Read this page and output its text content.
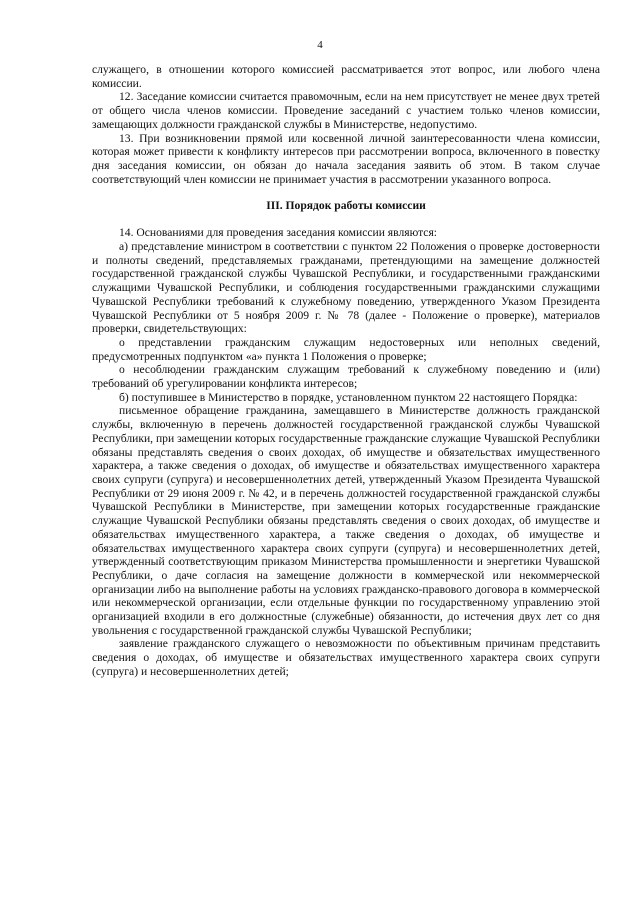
4

служащего, в отношении которого комиссией рассматривается этот вопрос, или любого члена комиссии.

12. Заседание комиссии считается правомочным, если на нем присутствует не менее двух третей от общего числа членов комиссии. Проведение заседаний с участием только членов комиссии, замещающих должности гражданской службы в Министерстве, недопустимо.

13. При возникновении прямой или косвенной личной заинтересованности члена комиссии, которая может привести к конфликту интересов при рассмотрении вопроса, включенного в повестку дня заседания комиссии, он обязан до начала заседания заявить об этом. В таком случае соответствующий член комиссии не принимает участия в рассмотрении указанного вопроса.

III. Порядок работы комиссии

14. Основаниями для проведения заседания комиссии являются:

а) представление министром в соответствии с пунктом 22 Положения о проверке достоверности и полноты сведений, представляемых гражданами, претендующими на замещение должностей государственной гражданской службы Чувашской Республики, и государственными гражданскими служащими Чувашской Республики, и соблюдения государственными гражданскими служащими Чувашской Республики требований к служебному поведению, утвержденного Указом Президента Чувашской Республики от 5 ноября 2009 г. № 78 (далее - Положение о проверке), материалов проверки, свидетельствующих:

о представлении гражданским служащим недостоверных или неполных сведений, предусмотренных подпунктом «а» пункта 1 Положения о проверке;

о несоблюдении гражданским служащим требований к служебному поведению и (или) требований об урегулировании конфликта интересов;

б) поступившее в Министерство в порядке, установленном пунктом 22 настоящего Порядка:

письменное обращение гражданина, замещавшего в Министерстве должность гражданской службы, включенную в перечень должностей государственной гражданской службы Чувашской Республики, при замещении которых государственные гражданские служащие Чувашской Республики обязаны представлять сведения о своих доходах, об имуществе и обязательствах имущественного характера, а также сведения о доходах, об имуществе и обязательствах имущественного характера своих супруги (супруга) и несовершеннолетних детей, утвержденный Указом Президента Чувашской Республики от 29 июня 2009 г. № 42, и в перечень должностей государственной гражданской службы Чувашской Республики в Министерстве, при замещении которых государственные гражданские служащие Чувашской Республики обязаны представлять сведения о своих доходах, об имуществе и обязательствах имущественного характера, а также сведения о доходах, об имуществе и обязательствах имущественного характера своих супруги (супруга) и несовершеннолетних детей, утвержденный соответствующим приказом Министерства промышленности и энергетики Чувашской Республики, о даче согласия на замещение должности в коммерческой или некоммерческой организации либо на выполнение работы на условиях гражданско-правового договора в коммерческой или некоммерческой организации, если отдельные функции по государственному управлению этой организацией входили в его должностные (служебные) обязанности, до истечения двух лет со дня увольнения с государственной гражданской службы Чувашской Республики;

заявление гражданского служащего о невозможности по объективным причинам представить сведения о доходах, об имуществе и обязательствах имущественного характера своих супруги (супруга) и несовершеннолетних детей;
